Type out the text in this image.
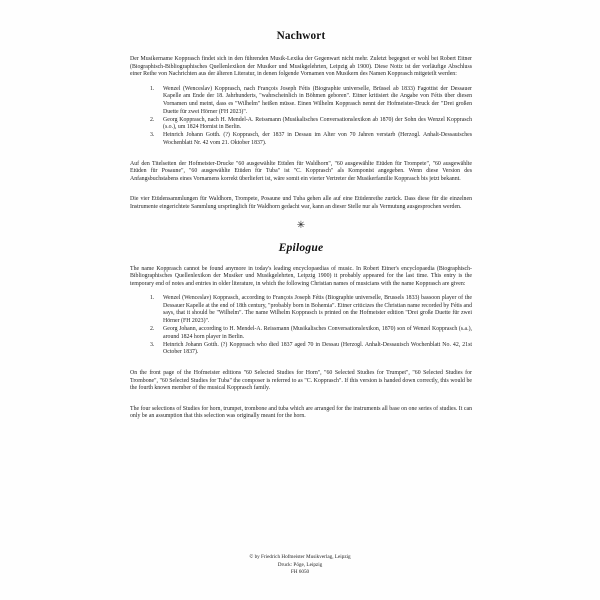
Nachwort

Der Musikername Kopprasch findet sich in den führenden Musik-Lexika der Gegenwart nicht mehr. Zuletzt begegnet er wohl bei Robert Eitner (Biographisch-Bibliographisches Quellenlexikon der Musiker und Musikgelehrten, Leipzig ab 1900). Diese Notiz ist der vorläufige Abschluss einer Reihe von Nachrichten aus der älteren Literatur, in denen folgende Vornamen von Musikern des Namen Kopprasch mitgeteilt werden:

Wenzel (Wenceslav) Kopprasch, nach François Joseph Fétis (Biographie universelle, Brüssel ab 1833) Fagottist der Dessauer Kapelle am Ende der 18. Jahrhunderts, "wahrscheinlich in Böhmen geboren". Eitner kritisiert die Angabe von Fétis über diesen Vornamen und meint, dass es "Wilhelm" heißen müsse. Einen Wilhelm Kopprasch nennt der Hofmeister-Druck der "Drei großen Duette für zwei Hörner (FH 2023)".
Georg Kopprasch, nach H. Mendel-A. Reissmann (Musikalisches Conversationslexikon ab 1870) der Sohn des Wenzel Kopprasch (s.o.), um 1824 Hornist in Berlin.
Heinrich Johann Gotth. (?) Kopprasch, der 1837 in Dessau im Alter von 70 Jahren verstarb (Herzogl. Anhalt-Dessauisches Wochenblatt Nr. 42 vom 21. Oktober 1837).

Auf den Titelseiten der Hofmeister-Drucke "60 ausgewählte Etüden für Waldhorn", "60 ausgewählte Etüden für Trompete", "60 ausgewählte Etüden für Posaune", "60 ausgewählte Etüden für Tuba" ist "C. Kopprasch" als Komponist angegeben. Wenn diese Version des Anfangsbuchstabens eines Vornamens korrekt überliefert ist, wäre somit ein vierter Vertreter der Musikerfamilie Kopprasch bis jetzt bekannt.

Die vier Etüdensammlungen für Waldhorn, Trompete, Posaune und Tuba gehen alle auf eine Etüdenreihe zurück. Dass diese für die einzelnen Instrumente eingerichtete Sammlung ursprünglich für Waldhorn gedacht war, kann an dieser Stelle nur als Vermutung ausgesprochen werden.

✳
Epilogue

The name Kopprasch cannot be found anymore in today's leading encyclopaedias of music. In Robert Eitner's encyclopaedia (Biographisch-Bibliographisches Quellenlexikon der Musiker und Musikgelehrten, Leipzig 1900) it probably appeared for the last time. This entry is the temporary end of notes and entries in older literature, in which the following Christian names of musicians with the name Kopprasch are given:

Wenzel (Wenceslav) Kopprasch, according to François Joseph Fétis (Biographie universelle, Brussels 1833) bassoon player of the Dessauer Kapelle at the end of 18th century, "probably born in Bohemia". Eitner criticizes the Christian name recorded by Fétis and says, that it should be "Wilhelm". The name Wilhelm Kopprasch is printed on the Hofmeister edition "Drei große Duette für zwei Hörner (FH 2023)".
Georg Johann, according to H. Mendel-A. Reissmann (Musikalisches Conversationslexikon, 1870) son of Wenzel Kopprasch (s.a.), around 1824 horn player in Berlin.
Heinrich Johann Gotth. (?) Kopprasch who died 1837 aged 70 in Dessau (Herzogl. Anhalt-Dessauisch Wochenblatt No. 42, 21st October 1837).

On the front page of the Hofmeister editions "60 Selected Studies for Horn", "60 Selected Studies for Trumpet", "60 Selected Studies for Trombone", "60 Selected Studies for Tuba" the composer is referred to as "C. Kopprasch". If this version is handed down correctly, this would be the fourth known member of the musical Kopprasch family.

The four selections of Studies for horn, trumpet, trombone and tuba which are arranged for the instruments all base on one series of studies. It can only be an assumption that this selection was originally meant for the horn.

© by Friedrich Hofmeister Musikverlag, Leipzig
Druck: Pöge, Leipzig
FH 6050
